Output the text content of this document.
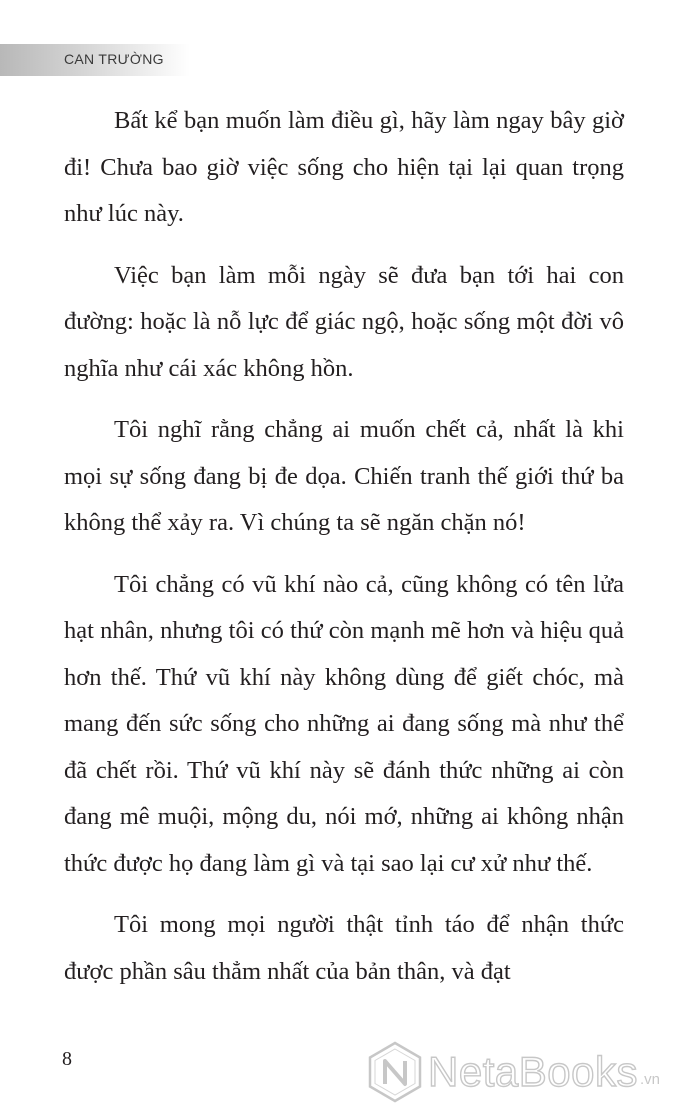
CAN TRƯỜNG

Bất kể bạn muốn làm điều gì, hãy làm ngay bây giờ đi! Chưa bao giờ việc sống cho hiện tại lại quan trọng như lúc này.

Việc bạn làm mỗi ngày sẽ đưa bạn tới hai con đường: hoặc là nỗ lực để giác ngộ, hoặc sống một đời vô nghĩa như cái xác không hồn.

Tôi nghĩ rằng chẳng ai muốn chết cả, nhất là khi mọi sự sống đang bị đe dọa. Chiến tranh thế giới thứ ba không thể xảy ra. Vì chúng ta sẽ ngăn chặn nó!

Tôi chẳng có vũ khí nào cả, cũng không có tên lửa hạt nhân, nhưng tôi có thứ còn mạnh mẽ hơn và hiệu quả hơn thế. Thứ vũ khí này không dùng để giết chóc, mà mang đến sức sống cho những ai đang sống mà như thể đã chết rồi. Thứ vũ khí này sẽ đánh thức những ai còn đang mê muội, mộng du, nói mớ, những ai không nhận thức được họ đang làm gì và tại sao lại cư xử như thế.

Tôi mong mọi người thật tỉnh táo để nhận thức được phần sâu thẳm nhất của bản thân, và đạt

8	NetaBooks .vn
